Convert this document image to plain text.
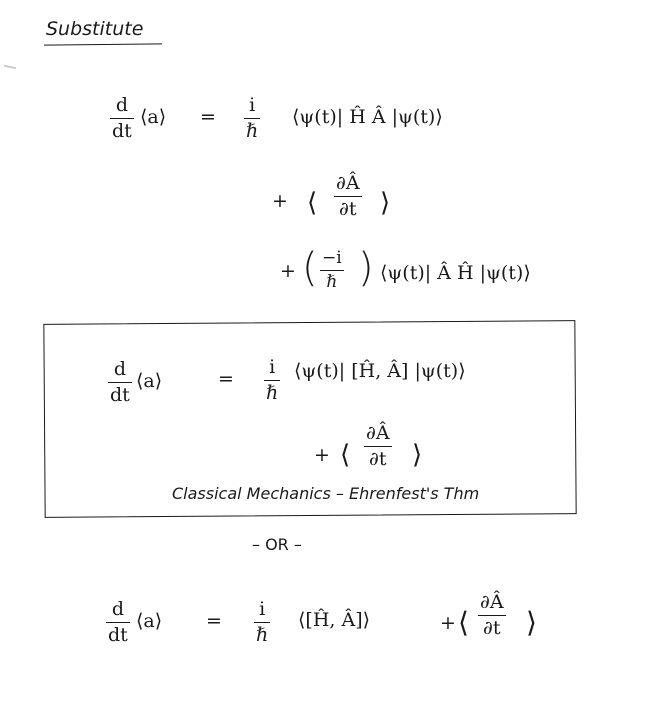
Substitute
d
dt
⟨a⟩ =
i
ℏ
⟨ψ(t)| Ĥ Â |ψ(t)⟩
+ ⟨
∂Â
∂t ⟩
+ ( −i
ℏ ) ⟨ψ(t)| Â Ĥ |ψ(t)⟩
d
dt
⟨a⟩	=
i
ℏ
⟨ψ(t)| [Ĥ, Â] |ψ(t)⟩
+ ⟨
∂Â
∂t ⟩
Classical Mechanics – Ehrenfest's Thm
– OR –
d
dt
⟨a⟩ =
i
ℏ
⟨[Ĥ, Â]⟩	+ ⟨
∂Â
∂t ⟩
